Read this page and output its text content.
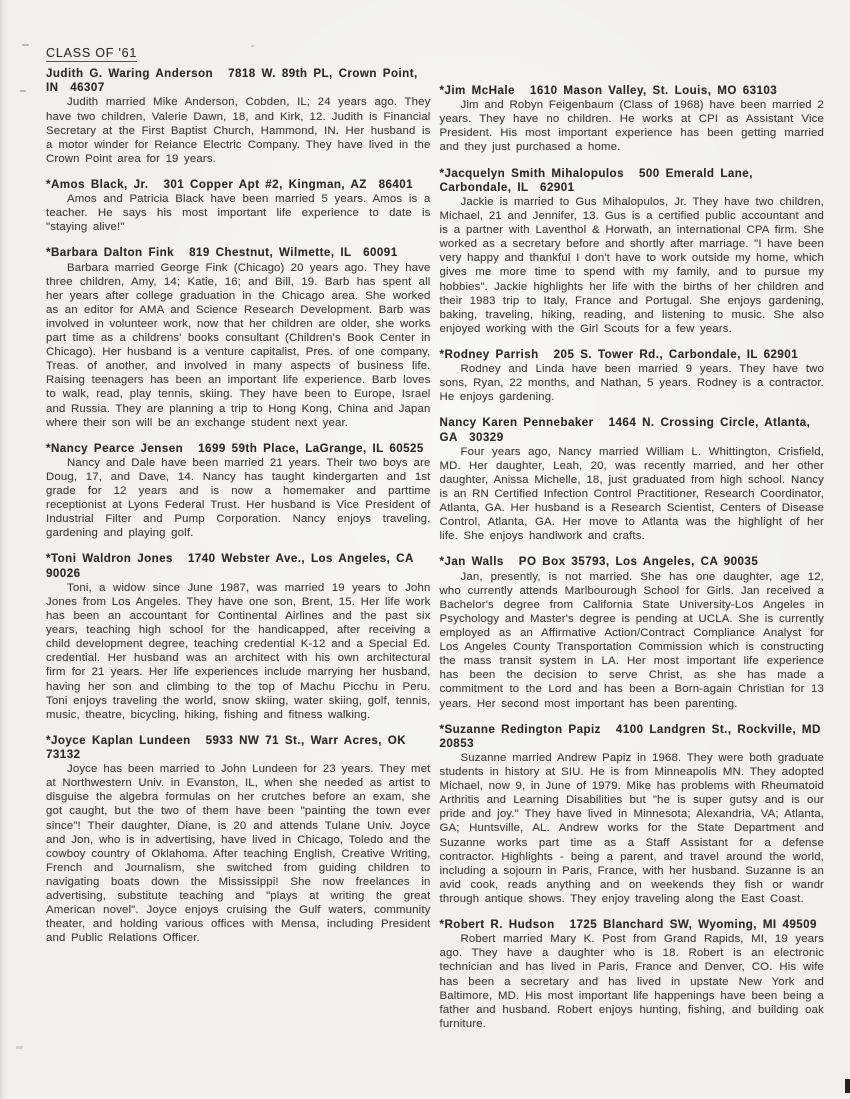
CLASS OF '61
Judith G. Waring Anderson 7818 W. 89th PL, Crown Point, IN  46307

Judith married Mike Anderson, Cobden, IL; 24 years ago. They have two children, Valerie Dawn, 18, and Kirk, 12. Judith is Financial Secretary at the First Baptist Church, Hammond, IN. Her husband is a motor winder for Reiance Electric Company. They have lived in the Crown Point area for 19 years.

*Amos Black, Jr. 301 Copper Apt #2, Kingman, AZ  86401

Amos and Patricia Black have been married 5 years. Amos is a teacher. He says his most important life experience to date is "staying alive!"

*Barbara Dalton Fink 819 Chestnut, Wilmette, IL  60091

Barbara married George Fink (Chicago) 20 years ago. They have three children, Amy, 14; Katie, 16; and Bill, 19. Barb has spent all her years after college graduation in the Chicago area. She worked as an editor for AMA and Science Research Development. Barb was involved in volunteer work, now that her children are older, she works part time as a childrens' books consultant (Children's Book Center in Chicago). Her husband is a venture capitalist, Pres. of one company, Treas. of another, and involved in many aspects of business life. Raising teenagers has been an important life experience. Barb loves to walk, read, play tennis, skiing. They have been to Europe, Israel and Russia. They are planning a trip to Hong Kong, China and Japan where their son will be an exchange student next year.

*Nancy Pearce Jensen 1699 59th Place, LaGrange, IL 60525

Nancy and Dale have been married 21 years. Their two boys are Doug, 17, and Dave, 14. Nancy has taught kindergarten and 1st grade for 12 years and is now a homemaker and parttime receptionist at Lyons Federal Trust. Her husband is Vice President of Industrial Filter and Pump Corporation. Nancy enjoys traveling, gardening and playing golf.

*Toni Waldron Jones 1740 Webster Ave., Los Angeles, CA 90026

Toni, a widow since June 1987, was married 19 years to John Jones from Los Angeles. They have one son, Brent, 15. Her life work has been an accountant for Continental Airlines and the past six years, teaching high school for the handicapped, after receiving a child development degree, teaching credential K-12 and a Special Ed. credential. Her husband was an architect with his own architectural firm for 21 years. Her life experiences include marrying her husband, having her son and climbing to the top of Machu Picchu in Peru. Toni enjoys traveling the world, snow skiing, water skiing, golf, tennis, music, theatre, bicycling, hiking, fishing and fitness walking.

*Joyce Kaplan Lundeen 5933 NW 71 St., Warr Acres, OK 73132

Joyce has been married to John Lundeen for 23 years. They met at Northwestern Univ. in Evanston, IL, when she needed as artist to disguise the algebra formulas on her crutches before an exam, she got caught, but the two of them have been "painting the town ever since"! Their daughter, Diane, is 20 and attends Tulane Univ. Joyce and Jon, who is in advertising, have lived in Chicago, Toledo and the cowboy country of Oklahoma. After teaching English, Creative Writing, French and Journalism, she switched from guiding children to navigating boats down the Mississippi! She now freelances in advertising, substitute teaching and "plays at writing the great American novel". Joyce enjoys cruising the Gulf waters, community theater, and holding various offices with Mensa, including President and Public Relations Officer.

*Jim McHale 1610 Mason Valley, St. Louis, MO 63103

Jim and Robyn Feigenbaum (Class of 1968) have been married 2 years. They have no children. He works at CPI as Assistant Vice President. His most important experience has been getting married and they just purchased a home.

*Jacquelyn Smith Mihalopulos 500 Emerald Lane, Carbondale, IL  62901

Jackie is married to Gus Mihalopulos, Jr. They have two children, Michael, 21 and Jennifer, 13. Gus is a certified public accountant and is a partner with Laventhol & Horwath, an international CPA firm. She worked as a secretary before and shortly after marriage. "I have been very happy and thankful I don't have to work outside my home, which gives me more time to spend with my family, and to pursue my hobbies". Jackie highlights her life with the births of her children and their 1983 trip to Italy, France and Portugal. She enjoys gardening, baking, traveling, hiking, reading, and listening to music. She also enjoyed working with the Girl Scouts for a few years.

*Rodney Parrish 205 S. Tower Rd., Carbondale, IL 62901

Rodney and Linda have been married 9 years. They have two sons, Ryan, 22 months, and Nathan, 5 years. Rodney is a contractor. He enjoys gardening.

Nancy Karen Pennebaker 1464 N. Crossing Circle, Atlanta, GA  30329

Four years ago, Nancy married William L. Whittington, Crisfield, MD. Her daughter, Leah, 20, was recently married, and her other daughter, Anissa Michelle, 18, just graduated from high school. Nancy is an RN Certified Infection Control Practitioner, Research Coordinator, Atlanta, GA. Her husband is a Research Scientist, Centers of Disease Control, Atlanta, GA. Her move to Atlanta was the highlight of her life. She enjoys handiwork and crafts.

*Jan Walls PO Box 35793, Los Angeles, CA 90035

Jan, presently, is not married. She has one daughter, age 12, who currently attends Marlbourough School for Girls. Jan received a Bachelor's degree from California State University-Los Angeles in Psychology and Master's degree is pending at UCLA. She is currently employed as an Affirmative Action/Contract Compliance Analyst for Los Angeles County Transportation Commission which is constructing the mass transit system in LA. Her most important life experience has been the decision to serve Christ, as she has made a commitment to the Lord and has been a Born-again Christian for 13 years. Her second most important has been parenting.

*Suzanne Redington Papiz 4100 Landgren St., Rockville, MD 20853

Suzanne married Andrew Papiz in 1968. They were both graduate students in history at SIU. He is from Minneapolis MN. They adopted Michael, now 9, in June of 1979. Mike has problems with Rheumatoid Arthritis and Learning Disabilities but "he is super gutsy and is our pride and joy." They have lived in Minnesota; Alexandria, VA; Atlanta, GA; Huntsville, AL. Andrew works for the State Department and Suzanne works part time as a Staff Assistant for a defense contractor. Highlights - being a parent, and travel around the world, including a sojourn in Paris, France, with her husband. Suzanne is an avid cook, reads anything and on weekends they fish or wandr through antique shows. They enjoy traveling along the East Coast.

*Robert R. Hudson 1725 Blanchard SW, Wyoming, MI 49509

Robert married Mary K. Post from Grand Rapids, MI, 19 years ago. They have a daughter who is 18. Robert is an electronic technician and has lived in Paris, France and Denver, CO. His wife has been a secretary and has lived in upstate New York and Baltimore, MD. His most important life happenings have been being a father and husband. Robert enjoys hunting, fishing, and building oak furniture.
